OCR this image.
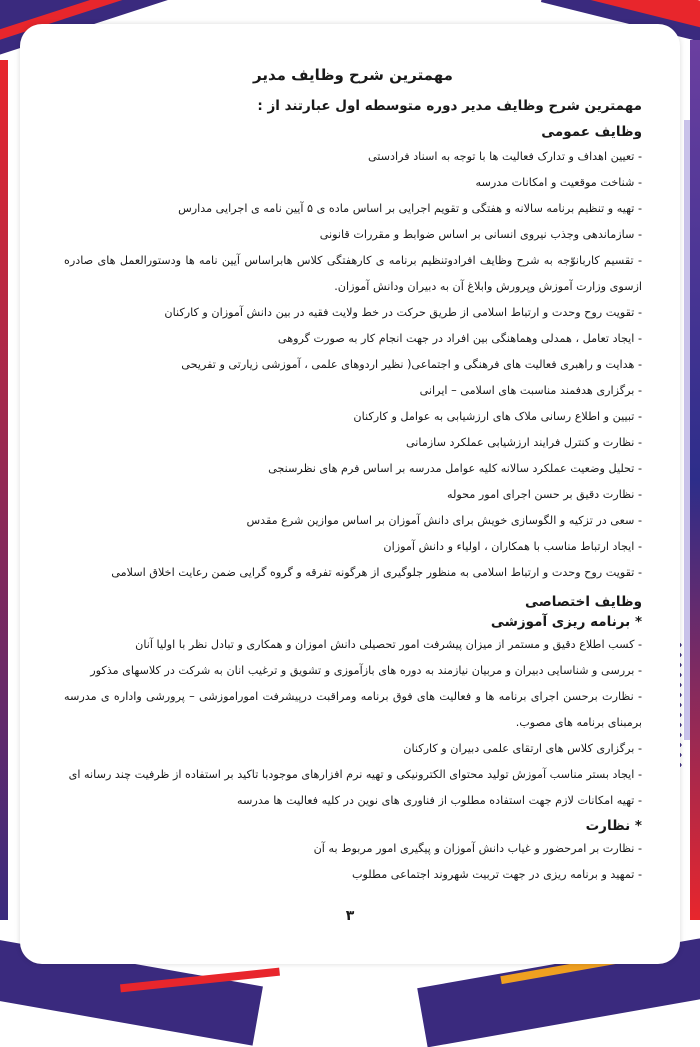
مهمترین شرح وظایف مدیر
مهمترین شرح وظایف مدیر دوره متوسطه اول عبارتند از :
وظایف عمومی
- تعیین اهداف و تدارک فعالیت ها با توجه به اسناد فرادستی
- شناخت موقعیت و امکانات مدرسه
- تهیه و تنظیم برنامه سالانه و هفتگی و تقویم اجرایی بر اساس ماده ی ۵ آیین نامه ی اجرایی مدارس
- سازماندهی وجذب نیروی انسانی بر اساس ضوابط و مقررات قانونی
- تقسیم کاربانوّجه به شرح وظایف افرادوتنظیم برنامه ی کارهفتگی کلاس هابراساس آیین نامه ها ودستورالعمل های صادره ازسوی وزارت آموزش وپرورش وابلاغ آن به دبیران ودانش آموزان.
- تقویت روح وحدت و ارتباط اسلامی از طریق حرکت در خط ولایت فقیه در بین دانش آموزان و کارکنان
- ایجاد تعامل ، همدلی وهماهنگی بین افراد در جهت انجام کار به صورت گروهی
- هدایت و راهبری فعالیت های فرهنگی و اجتماعی( نظیر اردوهای علمی ، آموزشی زیارتی و تفریحی
- برگزاری هدفمند مناسبت های اسلامی – ایرانی
- تبیین و اطلاع رسانی ملاک های ارزشیابی به عوامل و کارکنان
- نظارت و کنترل فرایند ارزشیابی عملکرد سازمانی
- تحلیل وضعیت عملکرد سالانه کلیه عوامل مدرسه بر اساس فرم های نظرسنجی
- نظارت دقیق بر حسن اجرای امور محوله
- سعی در تزکیه و الگوسازی خویش برای دانش آموزان بر اساس موازین شرع مقدس
- ایجاد ارتباط مناسب با همکاران ، اولیاء و دانش آموزان
- تقویت روح وحدت و ارتباط اسلامی به منظور جلوگیری از هرگونه تفرقه و گروه گرایی ضمن رعایت اخلاق اسلامی
وظایف اختصاصی
* برنامه ریزی آموزشی
- کسب اطلاع دقیق و مستمر از میزان پیشرفت امور تحصیلی دانش اموزان و همکاری و تبادل نظر با اولیا آنان
- بررسی و شناسایی دبیران و مربیان نیازمند به دوره های بازآموزی و تشویق و ترغیب انان به شرکت در کلاسهای مذکور
- نظارت برحسن اجرای برنامه ها و فعالیت های فوق برنامه ومراقبت درپیشرفت اموراموزشی – پرورشی واداره ی مدرسه برمبنای برنامه های مصوب.
- برگزاری کلاس های ارتقای علمی دبیران و کارکنان
- ایجاد بستر مناسب آموزش تولید محتوای الکترونیکی و تهیه نرم افزارهای موجودبا تاکید بر استفاده از ظرفیت چند رسانه ای
- تهیه امکانات لازم جهت استفاده مطلوب از فناوری های نوین در کلیه فعالیت ها مدرسه
* نظارت
- نظارت بر امرحضور و غیاب دانش آموزان و پیگیری امور مربوط به آن
- تمهید و برنامه ریزی در جهت تربیت شهروند اجتماعی مطلوب
۳
